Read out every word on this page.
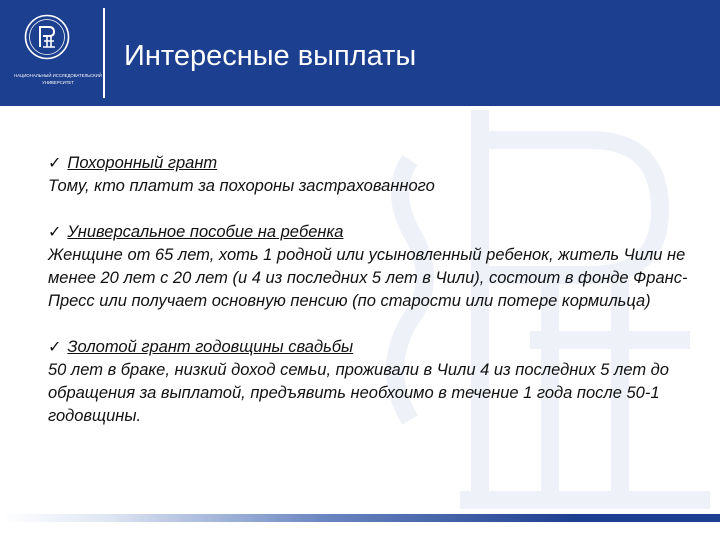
НАЦИОНАЛЬНЫЙ ИССЛЕДОВАТЕЛЬСКИЙ
УНИВЕРСИТЕТ
Интересные выплаты
✓ Похоронный грант
Тому, кто платит за похороны застрахованного
✓ Универсальное пособие на ребенка
Женщине от 65 лет, хоть 1 родной или усыновленный ребенок, житель Чили не менее 20 лет с 20 лет (и 4 из последних 5 лет в Чили), состоит в фонде Франс-Пресс или получает основную пенсию (по старости или потере кормильца)
✓ Золотой грант годовщины свадьбы
50 лет в браке, низкий доход семьи, проживали в Чили 4 из последних 5 лет до обращения за выплатой, предъявить необхоимо в течение 1 года после 50-1 годовщины.
